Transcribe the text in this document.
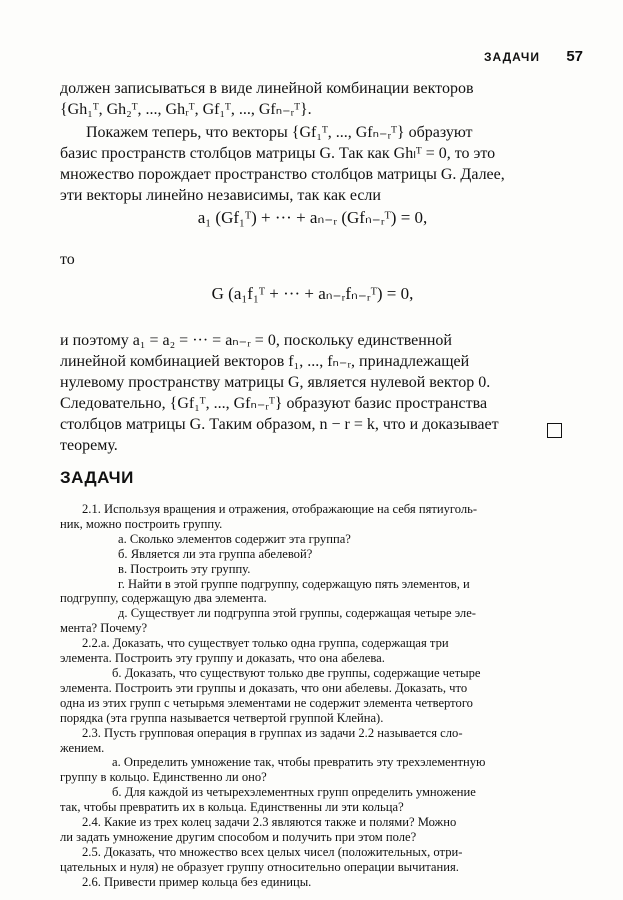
ЗАДАЧИ 57
должен записываться в виде линейной комбинации векторов
{Gh₁ᵀ, Gh₂ᵀ, ..., Ghᵣᵀ, Gf₁ᵀ, ..., Gfₙ₋ᵣᵀ}.
Покажем теперь, что векторы {Gf₁ᵀ, ..., Gfₙ₋ᵣᵀ} образуют
базис пространств столбцов матрицы G. Так как Ghₗᵀ = 0, то это
множество порождает пространство столбцов матрицы G. Далее,
эти векторы линейно независимы, так как если
a₁ (Gf₁ᵀ) + ··· + aₙ₋ᵣ (Gfₙ₋ᵣᵀ) = 0,
то
G (a₁f₁ᵀ + ··· + aₙ₋ᵣfₙ₋ᵣᵀ) = 0,
и поэтому a₁ = a₂ = ··· = aₙ₋ᵣ = 0, поскольку единственной
линейной комбинацией векторов f₁, ..., fₙ₋ᵣ, принадлежащей
нулевому пространству матрицы G, является нулевой вектор 0.
Следовательно, {Gf₁ᵀ, ..., Gfₙ₋ᵣᵀ} образуют базис пространства
столбцов матрицы G. Таким образом, n − r = k, что и доказывает
теорему.
ЗАДАЧИ
2.1. Используя вращения и отражения, отображающие на себя пятиуголь-
ник, можно построить группу.
а. Сколько элементов содержит эта группа?
б. Является ли эта группа абелевой?
в. Построить эту группу.
г. Найти в этой группе подгруппу, содержащую пять элементов, и
подгруппу, содержащую два элемента.
д. Существует ли подгруппа этой группы, содержащая четыре эле-
мента? Почему?
2.2.а. Доказать, что существует только одна группа, содержащая три
элемента. Построить эту группу и доказать, что она абелева.
б. Доказать, что существуют только две группы, содержащие четыре
элемента. Построить эти группы и доказать, что они абелевы. Доказать, что
одна из этих групп с четырьмя элементами не содержит элемента четвертого
порядка (эта группа называется четвертой группой Клейна).
2.3. Пусть групповая операция в группах из задачи 2.2 называется сло-
жением.
а. Определить умножение так, чтобы превратить эту трехэлементную
группу в кольцо. Единственно ли оно?
б. Для каждой из четырехэлементных групп определить умножение
так, чтобы превратить их в кольца. Единственны ли эти кольца?
2.4. Какие из трех колец задачи 2.3 являются также и полями? Можно
ли задать умножение другим способом и получить при этом поле?
2.5. Доказать, что множество всех целых чисел (положительных, отри-
цательных и нуля) не образует группу относительно операции вычитания.
2.6. Привести пример кольца без единицы.
